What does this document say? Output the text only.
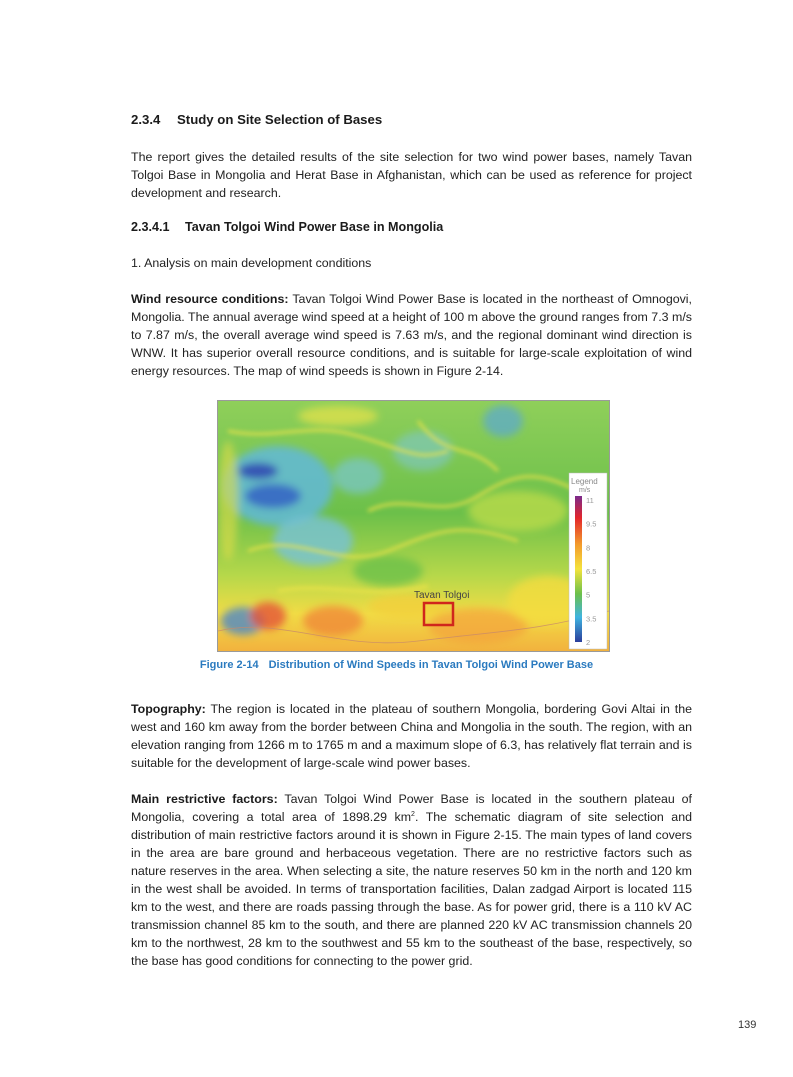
2.3.4 Study on Site Selection of Bases
The report gives the detailed results of the site selection for two wind power bases, namely Tavan Tolgoi Base in Mongolia and Herat Base in Afghanistan, which can be used as reference for project development and research.
2.3.4.1 Tavan Tolgoi Wind Power Base in Mongolia
1. Analysis on main development conditions
Wind resource conditions: Tavan Tolgoi Wind Power Base is located in the northeast of Omnogovi, Mongolia. The annual average wind speed at a height of 100 m above the ground ranges from 7.3 m/s to 7.87 m/s, the overall average wind speed is 7.63 m/s, and the regional dominant wind direction is WNW. It has superior overall resource conditions, and is suitable for large-scale exploitation of wind energy resources. The map of wind speeds is shown in Figure 2-14.
Tavan Tolgoi
Legend
m/s
11
9.5
8
6.5
5
3.5
2
Figure 2-14 Distribution of Wind Speeds in Tavan Tolgoi Wind Power Base
Topography: The region is located in the plateau of southern Mongolia, bordering Govi Altai in the west and 160 km away from the border between China and Mongolia in the south. The region, with an elevation ranging from 1266 m to 1765 m and a maximum slope of 6.3, has relatively flat terrain and is suitable for the development of large-scale wind power bases.
Main restrictive factors: Tavan Tolgoi Wind Power Base is located in the southern plateau of Mongolia, covering a total area of 1898.29 $km^2$. The schematic diagram of site selection and distribution of main restrictive factors around it is shown in Figure 2-15. The main types of land covers in the area are bare ground and herbaceous vegetation. There are no restrictive factors such as nature reserves in the area. When selecting a site, the nature reserves 50 km in the north and 120 km in the west shall be avoided. In terms of transportation facilities, Dalan zadgad Airport is located 115 km to the west, and there are roads passing through the base. As for power grid, there is a 110 kV AC transmission channel 85 km to the south, and there are planned 220 kV AC transmission channels 20 km to the northwest, 28 km to the southwest and 55 km to the southeast of the base, respectively, so the base has good conditions for connecting to the power grid.
139
